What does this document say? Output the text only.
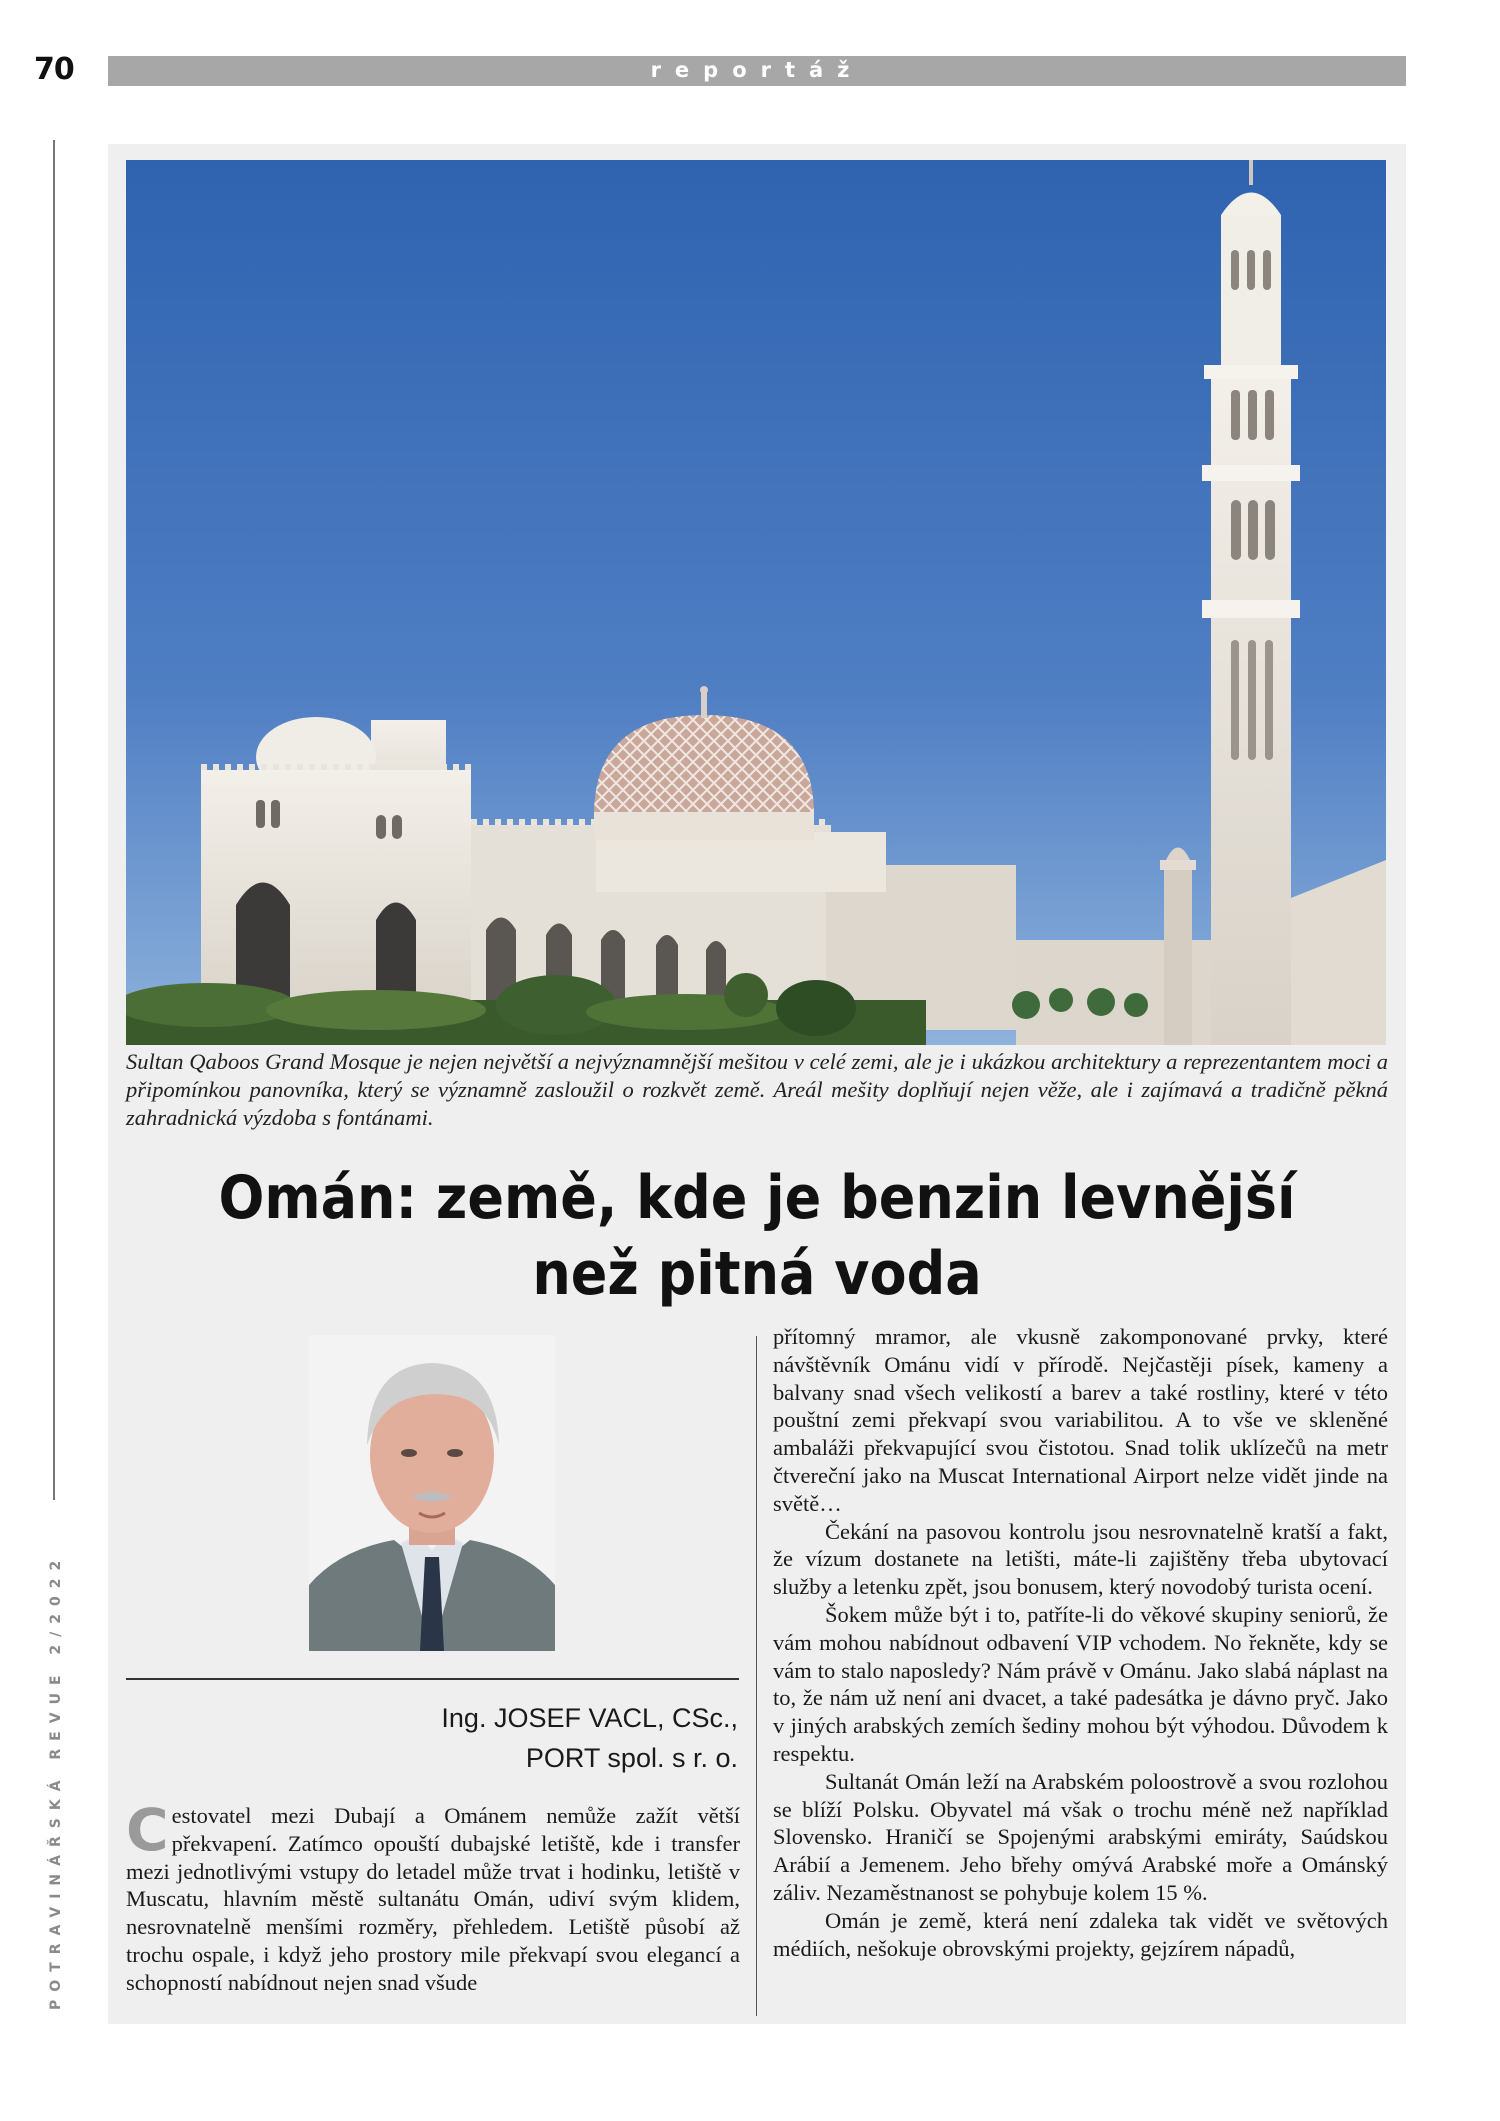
70	reportáž
POTRAVINÁŘSKÁ REVUE 2/2022
Sultan Qaboos Grand Mosque je nejen největší a nejvýznamnější mešitou v celé zemi, ale je i ukázkou architektury a reprezentantem moci a připomínkou panovníka, který se významně zasloužil o rozkvět země. Areál mešity doplňují nejen věže, ale i zajímavá a tradičně pěkná zahradnická výzdoba s fontánami.
Omán: země, kde je benzin levnější
než pitná voda
Ing. JOSEF VACL, CSc.,
PORT spol. s r. o.

Cestovatel mezi Dubají a Ománem nemůže zažít větší překvapení. Zatímco opouští dubajské letiště, kde i transfer mezi jednotlivými vstupy do letadel může trvat i hodinku, letiště v Muscatu, hlavním městě sultanátu Omán, udiví svým klidem, nesrovnatelně menšími rozměry, přehledem. Letiště působí až trochu ospale, i když jeho prostory mile překvapí svou elegancí a schopností nabídnout nejen snad všude

přítomný mramor, ale vkusně zakomponované prvky, které návštěvník Ománu vidí v přírodě. Nejčastěji písek, kameny a balvany snad všech velikostí a barev a také rostliny, které v této pouštní zemi překvapí svou variabilitou. A to vše ve skleněné ambaláži překvapující svou čistotou. Snad tolik uklízečů na metr čtvereční jako na Muscat International Airport nelze vidět jinde na světě…

Čekání na pasovou kontrolu jsou nesrovnatelně kratší a fakt, že vízum dostanete na letišti, máte-li zajištěny třeba ubytovací služby a letenku zpět, jsou bonusem, který novodobý turista ocení.

Šokem může být i to, patříte-li do věkové skupiny seniorů, že vám mohou nabídnout odbavení VIP vchodem. No řekněte, kdy se vám to stalo naposledy? Nám právě v Ománu. Jako slabá náplast na to, že nám už není ani dvacet, a také padesátka je dávno pryč. Jako v jiných arabských zemích šediny mohou být výhodou. Důvodem k respektu.

Sultanát Omán leží na Arabském poloostrově a svou rozlohou se blíží Polsku. Obyvatel má však o trochu méně než například Slovensko. Hraničí se Spojenými arabskými emiráty, Saúdskou Arábií a Jemenem. Jeho břehy omývá Arabské moře a Ománský záliv. Nezaměstnanost se pohybuje kolem 15 %.

Omán je země, která není zdaleka tak vidět ve světových médiích, nešokuje obrovskými projekty, gejzírem nápadů,
